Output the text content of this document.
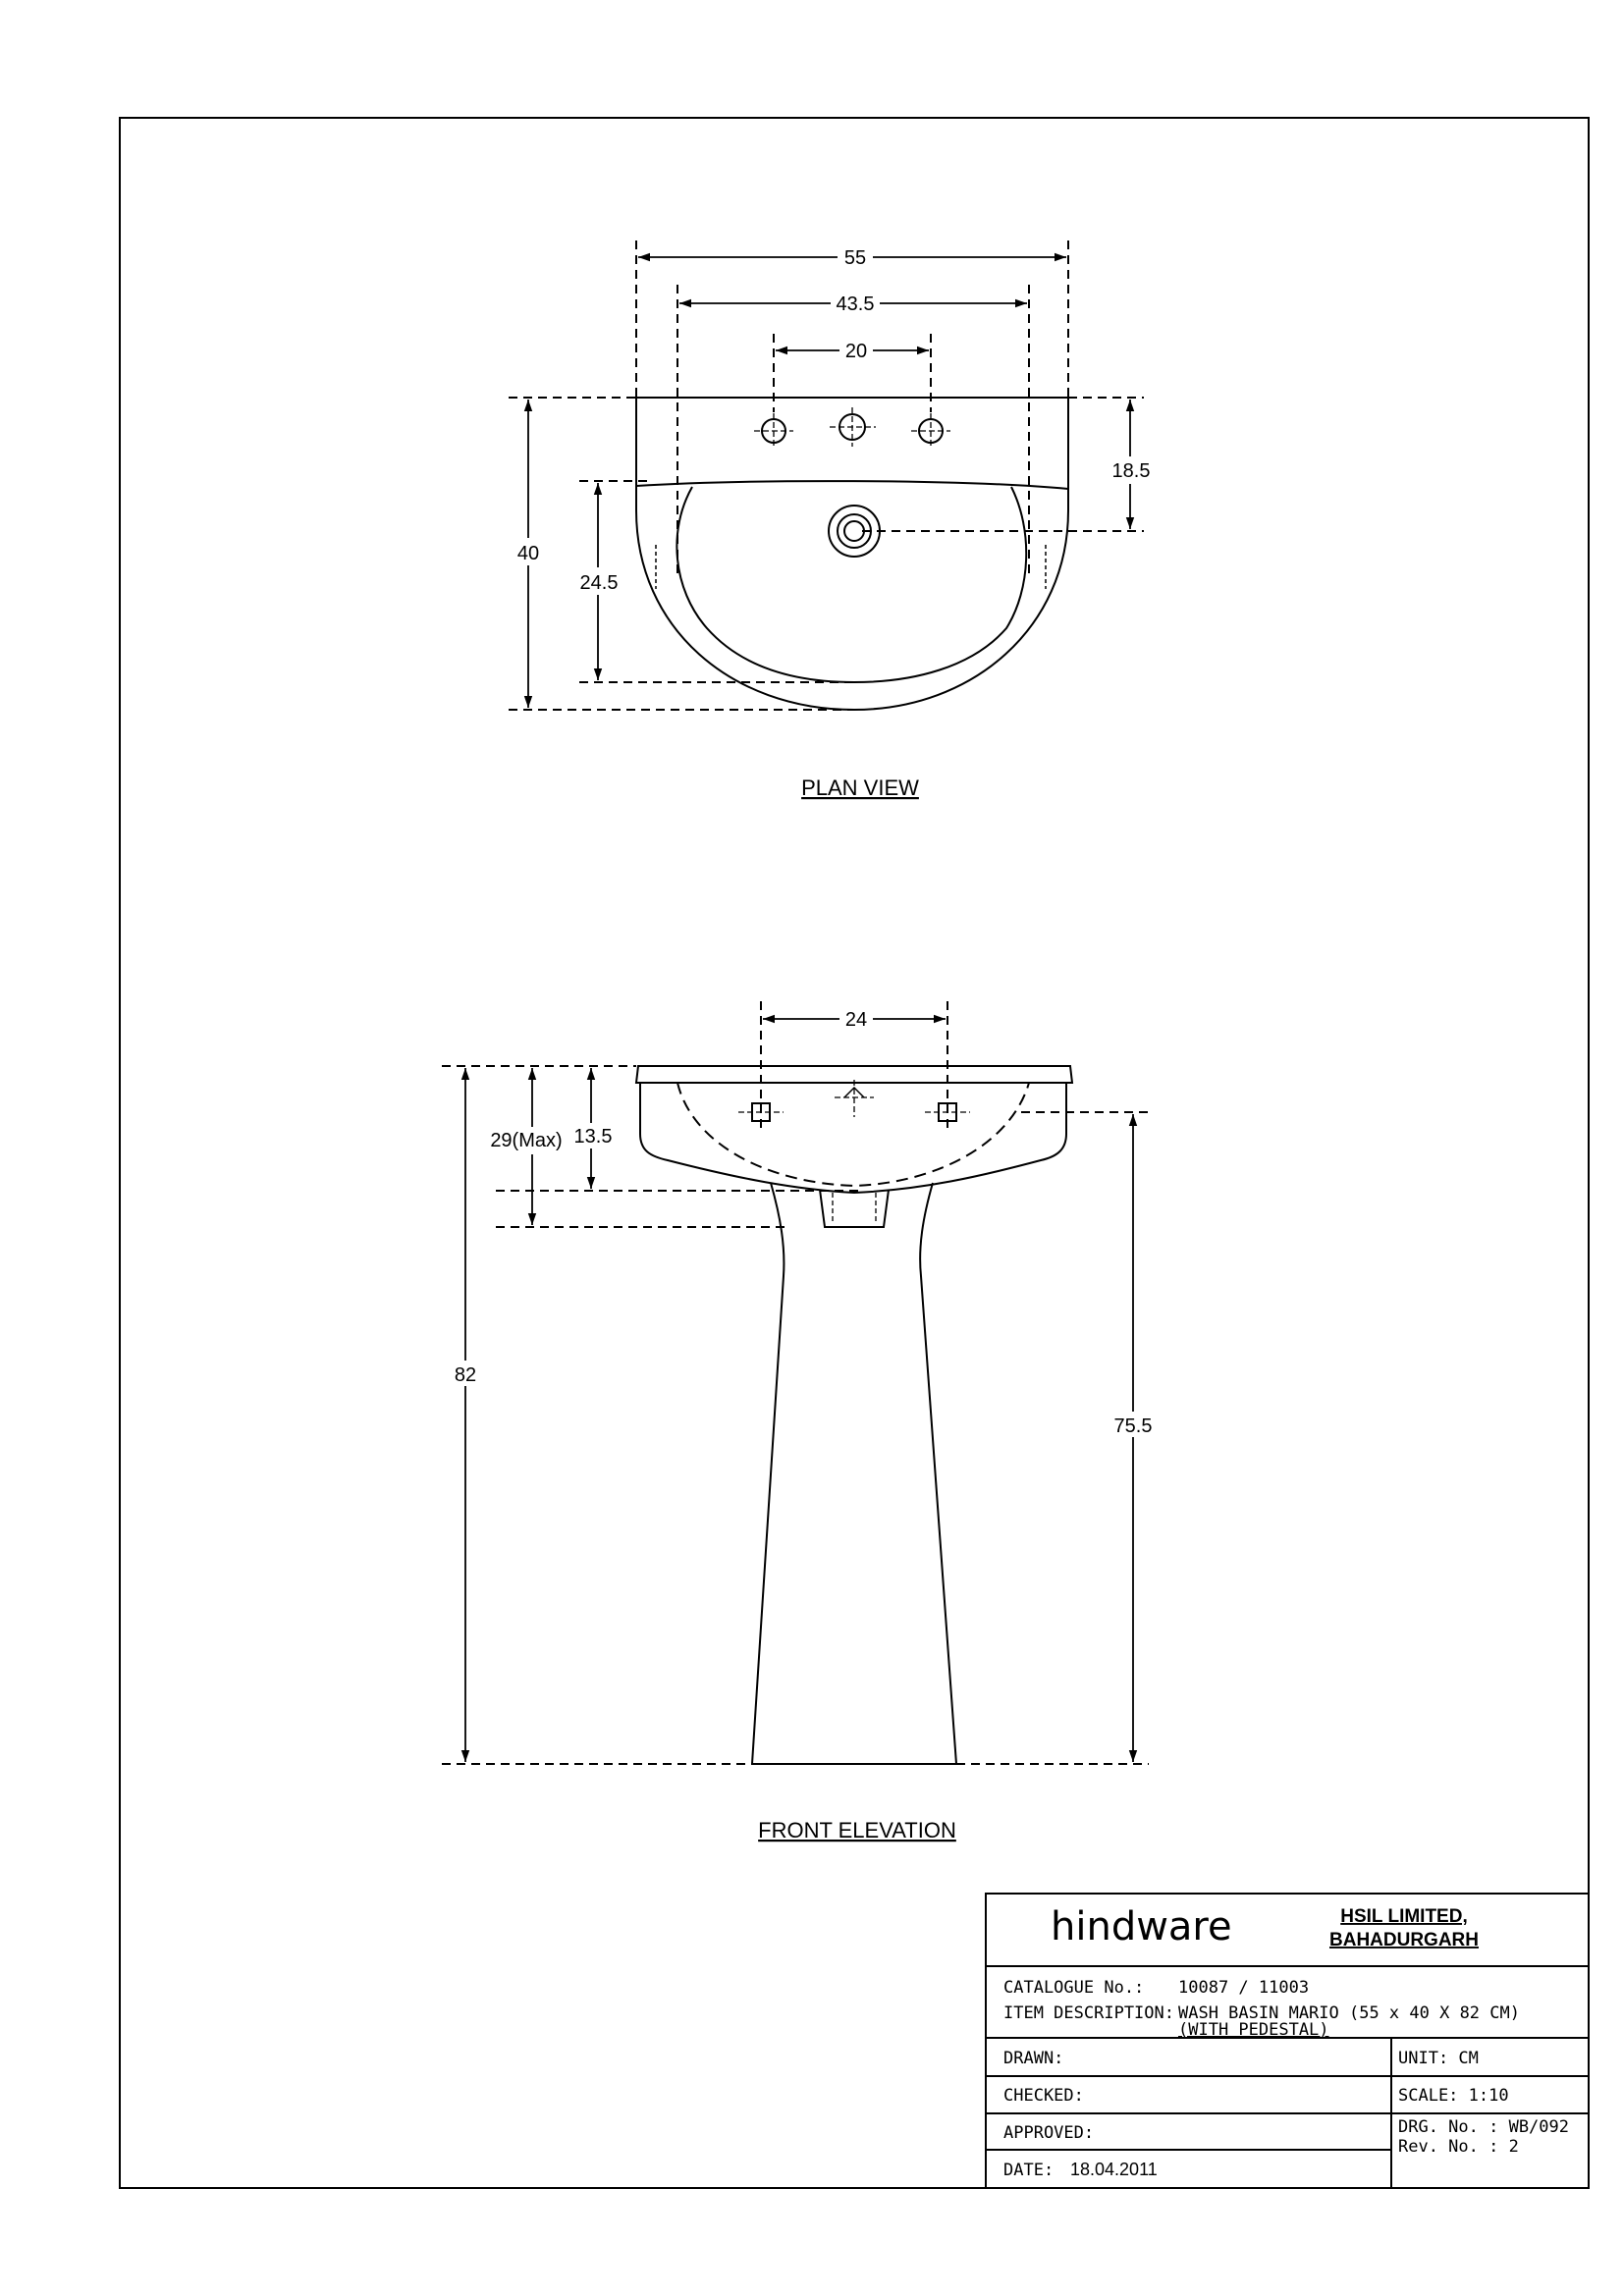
55
43.5
20
40
24.5
18.5
PLAN VIEW
24
29(Max) 13.5
82
75.5
FRONT ELEVATION
hindware	HSIL LIMITED,
BAHADURGARH
CATALOGUE No.: 10087 / 11003
ITEM DESCRIPTION: WASH BASIN MARIO (55 x 40 X 82 CM)
(WITH PEDESTAL)
DRAWN:
CHECKED:
APPROVED:
DATE: 18.04.2011
UNIT: CM
SCALE: 1:10
DRG. No. : WB/092
Rev. No. : 2
